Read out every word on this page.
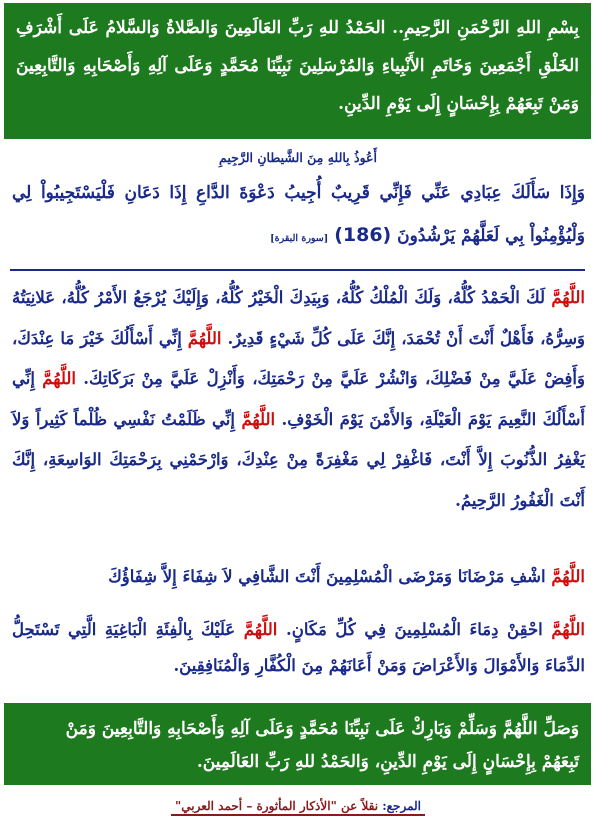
بِسْمِ اللهِ الرَّحْمَنِ الرَّحِيمِ.. الحَمْدُ للهِ رَبِّ العَالَمِينَ وَالصَّلاةُ وَالسَّلامُ عَلَى أَشْرَفِ الخَلْقِ أَجْمَعِينَ وَخَاتَمِ الأَنْبِياءِ وَالمُرْسَلِينَ نَبِيِّنَا مُحَمَّدٍ وَعَلَى آلِهِ وَأَصْحَابِهِ وَالتَّابِعِينَ وَمَنْ تَبِعَهُمْ بِإِحْسَانٍ إِلَى يَوْمِ الدِّينِ.
أَعُوذُ بِاللهِ مِنَ الشَّيطانِ الرَّجِيمِ
وَإِذَا سَأَلَكَ عِبَادِي عَنِّي فَإِنِّي قَرِيبٌ أُجِيبُ دَعْوَةَ الدَّاعِ إِذَا دَعَانِ فَلْيَسْتَجِيبُواْ لِي وَلْيُؤْمِنُواْ بِي لَعَلَّهُمْ يَرْشُدُونَ (186) [سورة البقرة]
اللَّهُمَّ لَكَ الْحَمْدُ كُلُّهُ، وَلَكَ الْمُلْكُ كُلُّهُ، وَبِيَدِكَ الْخَيْرُ كُلُّهُ، وَإِلَيْكَ يُرْجَعُ الأَمْرُ كُلُّهُ، عَلانِيَتُهُ وَسِرُّهُ، فَأَهْلٌ أَنْتَ أَنْ تُحْمَدَ، إِنَّكَ عَلَى كُلِّ شَيْءٍ قَدِيرٌ. اللَّهُمَّ إِنِّي أَسْأَلُكَ خَيْرَ مَا عِنْدَكَ، وَأَفِضْ عَلَيَّ مِنْ فَضْلِكَ، وَانْشُرْ عَلَيَّ مِنْ رَحْمَتِكَ، وَأَنْزِلْ عَلَيَّ مِنْ بَرَكَاتِكَ. اللَّهُمَّ إِنِّي أَسْأَلُكَ النَّعِيمَ يَوْمَ الْعَيْلَةِ، وَالأَمْنَ يَوْمَ الْخَوْفِ. اللَّهُمَّ إِنِّي ظَلَمْتُ نَفْسِي ظُلْماً كَثِيراً وَلاَ يَغْفِرُ الذُّنُوبَ إِلاَّ أَنْتَ، فَاغْفِرْ لِي مَغْفِرَةً مِنْ عِنْدِكَ، وَارْحَمْنِي بِرَحْمَتِكَ الوَاسِعَةِ، إِنَّكَ أَنْتَ الْغَفُورُ الرَّحِيمُ.
اللَّهُمَّ اشْفِ مَرْضَانَا وَمَرْضَى الْمُسْلِمِينَ أَنْتَ الشَّافِي لاَ شِفَاءَ إِلاَّ شِفَاؤُكَ
اللَّهُمَّ احْقِنْ دِمَاءَ الْمُسْلِمِينَ فِي كُلِّ مَكَانٍ. اللَّهُمَّ عَلَيْكَ بِالْفِئَةِ الْبَاغِيَةِ الَّتِي تَسْتَحِلُّ الدِّمَاءَ وَالأَمْوَالَ وَالأَعْرَاضَ وَمَنْ أَعَانَهُمْ مِنَ الْكُفَّارِ وَالْمُنَافِقِينَ.
وَصَلِّ اللَّهُمَّ وَسَلِّمْ وَبَارِكْ عَلَى نَبِيِّنَا مُحَمَّدٍ وَعَلَى آلِهِ وَأَصْحَابِهِ وَالتَّابِعِينَ وَمَنْ
تَبِعَهُمْ بِإِحْسَانٍ إِلَى يَوْمِ الدِّينِ، وَالحَمْدُ للهِ رَبِّ العَالَمِينَ.
المرجع: نقلاً عن "الأذكار المأثورة – أحمد العربي"
